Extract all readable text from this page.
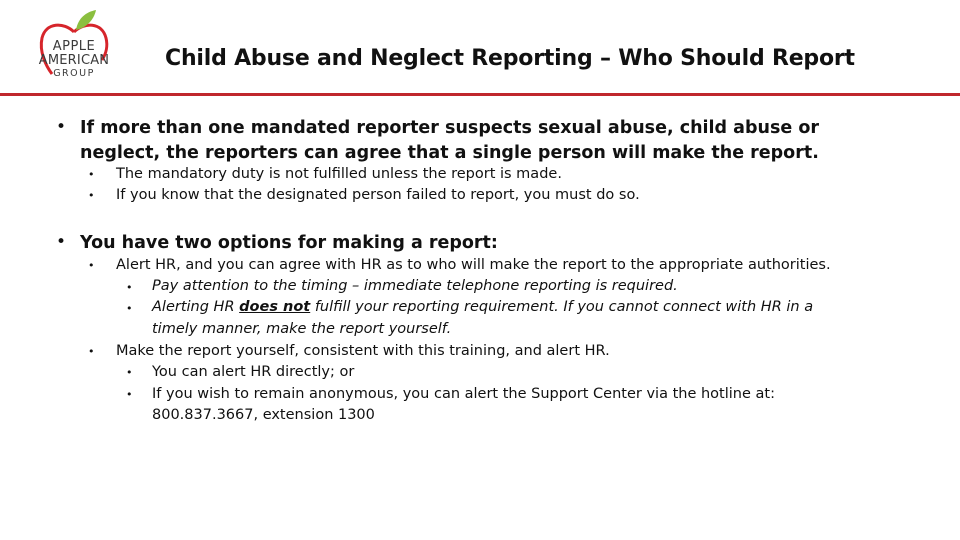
APPLE
AMERICAN
GROUP
Child Abuse and Neglect Reporting – Who Should Report
• If more than one mandated reporter suspects sexual abuse, child abuse or
neglect, the reporters can agree that a single person will make the report.
• The mandatory duty is not fulfilled unless the report is made.
• If you know that the designated person failed to report, you must do so.
• You have two options for making a report:
• Alert HR, and you can agree with HR as to who will make the report to the appropriate authorities.
• Pay attention to the timing – immediate telephone reporting is required.
• Alerting HR does not fulfill your reporting requirement. If you cannot connect with HR in a
timely manner, make the report yourself.
• Make the report yourself, consistent with this training, and alert HR.
• You can alert HR directly; or
• If you wish to remain anonymous, you can alert the Support Center via the hotline at:
800.837.3667, extension 1300
